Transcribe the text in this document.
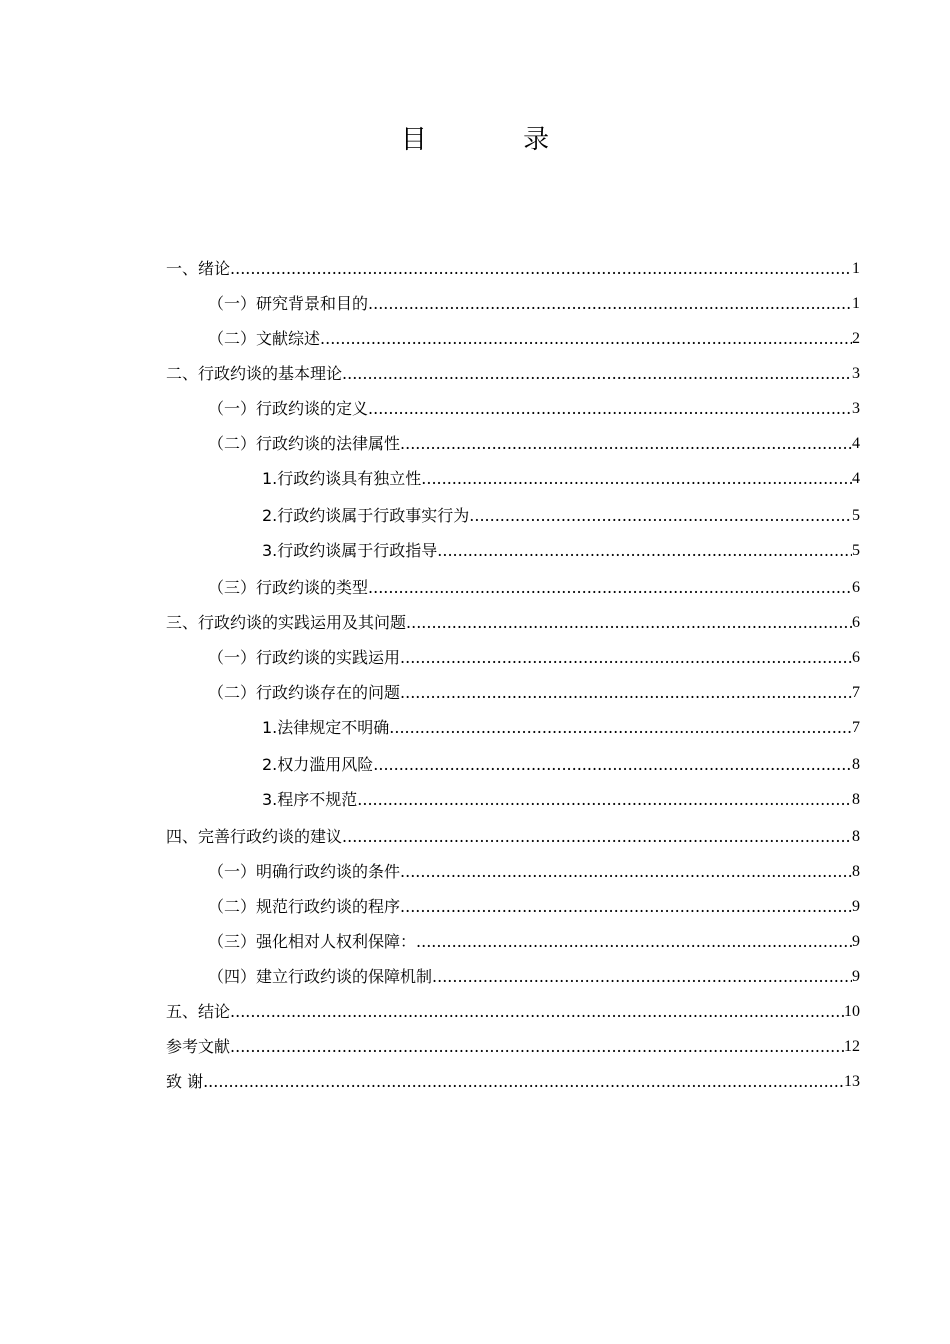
目 录
一、绪论 .....	1
（一）研究背景和目的 .....	1
（二）文献综述 .....	2
二、行政约谈的基本理论 .....	3
（一）行政约谈的定义 .....	3
（二）行政约谈的法律属性 .....	4
1.行政约谈具有独立性 .....	4
2.行政约谈属于行政事实行为 .....	5
3.行政约谈属于行政指导 .....	5
（三）行政约谈的类型 .....	6
三、行政约谈的实践运用及其问题 .....	6
（一）行政约谈的实践运用 .....	6
（二）行政约谈存在的问题 .....	7
1.法律规定不明确 .....	7
2.权力滥用风险 .....	8
3.程序不规范 .....	8
四、完善行政约谈的建议 .....	8
（一）明确行政约谈的条件 .....	8
（二）规范行政约谈的程序 .....	9
（三）强化相对人权利保障： .....	9
（四）建立行政约谈的保障机制 .....	9
五、结论 .....	10
参考文献 .....	12
致 谢 .....	13
